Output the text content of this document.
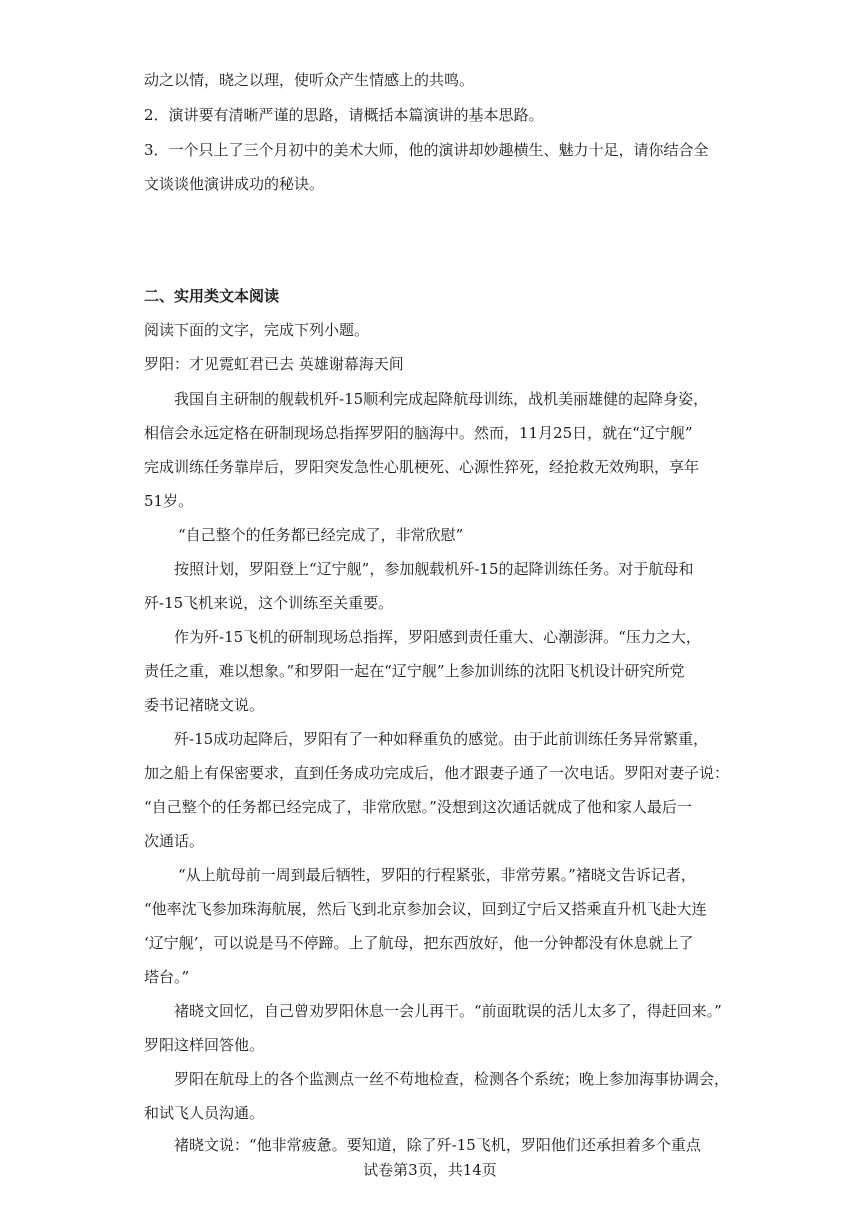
动之以情，晓之以理，使听众产生情感上的共鸣。
2．演讲要有清晰严谨的思路，请概括本篇演讲的基本思路。
3．一个只上了三个月初中的美术大师，他的演讲却妙趣横生、魅力十足，请你结合全
文谈谈他演讲成功的秘诀。
二、实用类文本阅读
阅读下面的文字，完成下列小题。
罗阳：才见霓虹君已去 英雄谢幕海天间
我国自主研制的舰载机歼-15顺利完成起降航母训练，战机美丽雄健的起降身姿，
相信会永远定格在研制现场总指挥罗阳的脑海中。然而，11月25日，就在“辽宁舰”
完成训练任务靠岸后，罗阳突发急性心肌梗死、心源性猝死，经抢救无效殉职，享年
51岁。
“自己整个的任务都已经完成了，非常欣慰”
按照计划，罗阳登上“辽宁舰”，参加舰载机歼-15的起降训练任务。对于航母和
歼-15飞机来说，这个训练至关重要。
作为歼-15飞机的研制现场总指挥，罗阳感到责任重大、心潮澎湃。“压力之大，
责任之重，难以想象。”和罗阳一起在“辽宁舰”上参加训练的沈阳飞机设计研究所党
委书记褚晓文说。
歼-15成功起降后，罗阳有了一种如释重负的感觉。由于此前训练任务异常繁重，
加之船上有保密要求，直到任务成功完成后，他才跟妻子通了一次电话。罗阳对妻子说：
“自己整个的任务都已经完成了，非常欣慰。”没想到这次通话就成了他和家人最后一
次通话。
“从上航母前一周到最后牺牲，罗阳的行程紧张，非常劳累。”褚晓文告诉记者，
“他率沈飞参加珠海航展，然后飞到北京参加会议，回到辽宁后又搭乘直升机飞赴大连
‘辽宁舰’，可以说是马不停蹄。上了航母，把东西放好，他一分钟都没有休息就上了
塔台。”
褚晓文回忆，自己曾劝罗阳休息一会儿再干。“前面耽误的活儿太多了，得赶回来。”
罗阳这样回答他。
罗阳在航母上的各个监测点一丝不苟地检查，检测各个系统；晚上参加海事协调会，
和试飞人员沟通。
褚晓文说：“他非常疲惫。要知道，除了歼-15飞机，罗阳他们还承担着多个重点
试卷第3页，共14页
